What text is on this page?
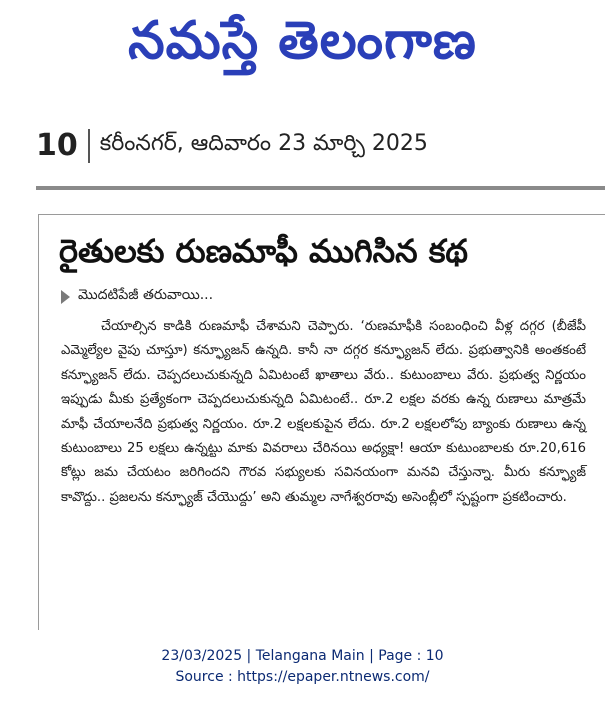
నమస్తే తెలంగాణ
10	కరీంనగర్, ఆదివారం 23 మార్చి 2025
రైతులకు రుణమాఫీ ముగిసిన కథ
మొదటిపేజీ తరువాయి...

చేయాల్సిన కాడికి రుణమాఫీ చేశామని చెప్పారు. ‘రుణమాఫీకి సంబంధించి వీళ్ల దగ్గర (బీజేపీ ఎమ్మెల్యేల వైపు చూస్తూ) కన్ఫ్యూజన్ ఉన్నది. కానీ నా దగ్గర కన్ఫ్యూజన్ లేదు. ప్రభుత్వానికి అంతకంటే కన్ఫ్యూజన్ లేదు. చెప్పదలుచుకున్నది ఏమిటంటే ఖాతాలు వేరు.. కుటుంబాలు వేరు. ప్రభుత్వ నిర్ణయం ఇప్పుడు మీకు ప్రత్యేకంగా చెప్పదలుచుకున్నది ఏమిటంటే.. రూ.2 లక్షల వరకు ఉన్న రుణాలు మాత్రమే మాఫీ చేయాలనేది ప్రభుత్వ నిర్ణయం. రూ.2 లక్షలకుపైన లేదు. రూ.2 లక్షలలోపు బ్యాంకు రుణాలు ఉన్న కుటుంబాలు 25 లక్షలు ఉన్నట్టు మాకు వివరాలు చేరినయి అధ్యక్షా! ఆయా కుటుంబాలకు రూ.20,616 కోట్లు జమ చేయటం జరిగిందని గౌరవ సభ్యులకు సవినయంగా మనవి చేస్తున్నా. మీరు కన్ఫ్యూజ్ కావొద్దు.. ప్రజలను కన్ఫ్యూజ్ చేయొద్దు’ అని తుమ్మల నాగేశ్వరరావు అసెంబ్లీలో స్పష్టంగా ప్రకటించారు.

23/03/2025 | Telangana Main | Page : 10
Source : https://epaper.ntnews.com/
